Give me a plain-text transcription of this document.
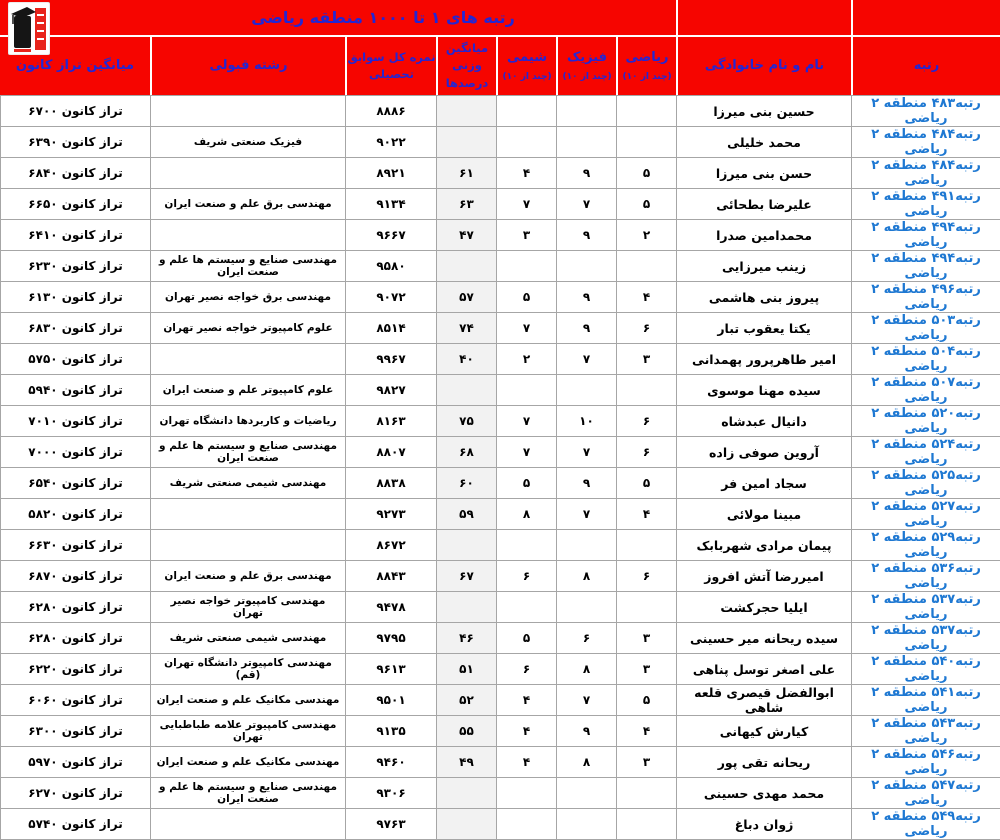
رتبه های ۱ تا ۱۰۰۰ منطقه ریاضی
رتبه
نام و نام خانوادگی
ریاضی
(چند از ۱۰)
فیزیک
(چند از ۱۰)
شیمی
(چند از ۱۰)
میانگین
وزنی درصدها
نمره کل سوابق
تحصیلی
رشته قبولی
میانگین تراز کانون
رتبه۴۸۳ منطقه ۲ ریاضی
حسین بنی میرزا
۸۸۸۶
تراز کانون ۶۷۰۰
رتبه۴۸۴ منطقه ۲ ریاضی
محمد خلیلی
۹۰۲۲
فیزیک صنعتی شریف
تراز کانون ۶۳۹۰
رتبه۴۸۴ منطقه ۲ ریاضی
حسن بنی میرزا
۵
۹
۴
۶۱
۸۹۲۱
تراز کانون ۶۸۴۰
رتبه۴۹۱ منطقه ۲ ریاضی
علیرضا بطحائی
۵
۷
۷
۶۳
۹۱۳۴
مهندسی برق علم و صنعت ایران
تراز کانون ۶۶۵۰
رتبه۴۹۴ منطقه ۲ ریاضی
محمدامین صدرا
۲
۹
۳
۴۷
۹۶۶۷
تراز کانون ۶۴۱۰
رتبه۴۹۴ منطقه ۲ ریاضی
زینب میرزایی
۹۵۸۰
مهندسی صنایع و سیستم ها علم و صنعت ایران
تراز کانون ۶۲۳۰
رتبه۴۹۶ منطقه ۲ ریاضی
پیروز بنی هاشمی
۴
۹
۵
۵۷
۹۰۷۲
مهندسی برق خواجه نصیر تهران
تراز کانون ۶۱۳۰
رتبه۵۰۳ منطقه ۲ ریاضی
یکتا یعقوب تبار
۶
۹
۷
۷۴
۸۵۱۴
علوم کامپیوتر خواجه نصیر تهران
تراز کانون ۶۸۳۰
رتبه۵۰۴ منطقه ۲ ریاضی
امیر طاهرپرور پهمدانی
۳
۷
۲
۴۰
۹۹۶۷
تراز کانون ۵۷۵۰
رتبه۵۰۷ منطقه ۲ ریاضی
سیده مهنا موسوی
۹۸۲۷
علوم کامپیوتر علم و صنعت ایران
تراز کانون ۵۹۴۰
رتبه۵۲۰ منطقه ۲ ریاضی
دانیال عبدشاه
۶
۱۰
۷
۷۵
۸۱۶۳
ریاضیات و کاربردها دانشگاه تهران
تراز کانون ۷۰۱۰
رتبه۵۲۴ منطقه ۲ ریاضی
آروین صوفی زاده
۶
۷
۷
۶۸
۸۸۰۷
مهندسی صنایع و سیستم ها علم و صنعت ایران
تراز کانون ۷۰۰۰
رتبه۵۲۵ منطقه ۲ ریاضی
سجاد امین فر
۵
۹
۵
۶۰
۸۸۳۸
مهندسی شیمی صنعتی شریف
تراز کانون ۶۵۴۰
رتبه۵۲۷ منطقه ۲ ریاضی
مبینا مولائی
۴
۷
۸
۵۹
۹۲۷۳
تراز کانون ۵۸۲۰
رتبه۵۲۹ منطقه ۲ ریاضی
پیمان مرادی شهربابک
۸۶۷۲
تراز کانون ۶۶۳۰
رتبه۵۳۶ منطقه ۲ ریاضی
امیررضا آتش افروز
۶
۸
۶
۶۷
۸۸۴۳
مهندسی برق علم و صنعت ایران
تراز کانون ۶۸۷۰
رتبه۵۳۷ منطقه ۲ ریاضی
ایلیا حجرکشت
۹۴۷۸
مهندسی کامپیوتر خواجه نصیر تهران
تراز کانون ۶۲۸۰
رتبه۵۳۷ منطقه ۲ ریاضی
سیده ریحانه میر حسینی
۳
۶
۵
۴۶
۹۷۹۵
مهندسی شیمی صنعتی شریف
تراز کانون ۶۲۸۰
رتبه۵۴۰ منطقه ۲ ریاضی
علی اصغر توسل پناهی
۳
۸
۶
۵۱
۹۶۱۳
مهندسی کامپیوتر دانشگاه تهران (قم)
تراز کانون ۶۲۲۰
رتبه۵۴۱ منطقه ۲ ریاضی
ابوالفضل قیصری قلعه شاهی
۵
۷
۴
۵۲
۹۵۰۱
مهندسی مکانیک علم و صنعت ایران
تراز کانون ۶۰۶۰
رتبه۵۴۳ منطقه ۲ ریاضی
کیارش کیهانی
۴
۹
۴
۵۵
۹۱۳۵
مهندسی کامپیوتر علامه طباطبایی تهران
تراز کانون ۶۳۰۰
رتبه۵۴۶ منطقه ۲ ریاضی
ریحانه تقی پور
۳
۸
۴
۴۹
۹۴۶۰
مهندسی مکانیک علم و صنعت ایران
تراز کانون ۵۹۷۰
رتبه۵۴۷ منطقه ۲ ریاضی
محمد مهدی حسینی
۹۳۰۶
مهندسی صنایع و سیستم ها علم و صنعت ایران
تراز کانون ۶۲۷۰
رتبه۵۴۹ منطقه ۲ ریاضی
ژوان دباغ
۹۷۶۳
تراز کانون ۵۷۴۰
